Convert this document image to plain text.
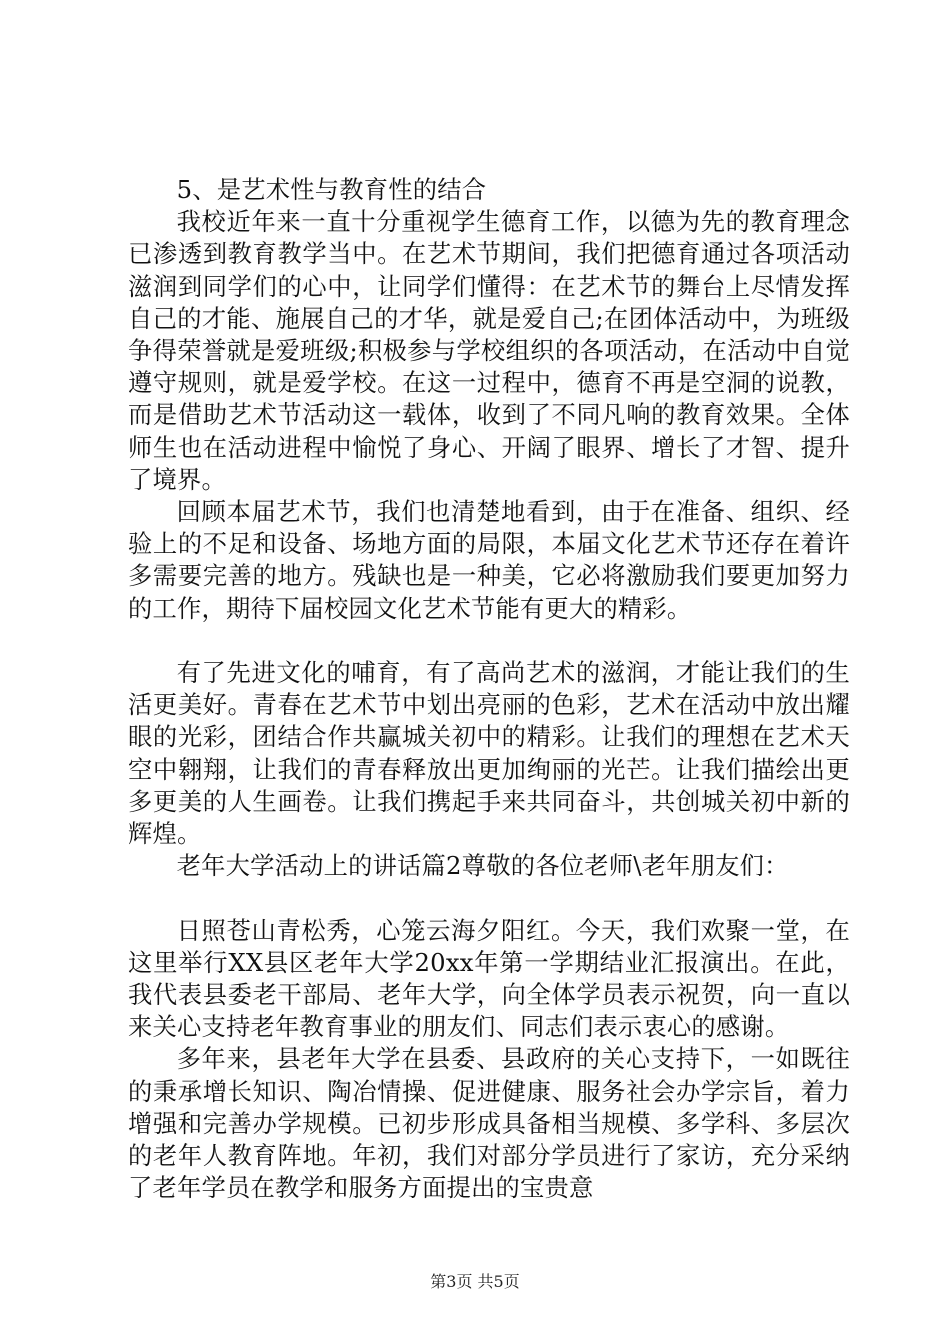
5、是艺术性与教育性的结合

我校近年来一直十分重视学生德育工作，以德为先的教育理念已渗透到教育教学当中。在艺术节期间，我们把德育通过各项活动滋润到同学们的心中，让同学们懂得：在艺术节的舞台上尽情发挥自己的才能、施展自己的才华，就是爱自己;在团体活动中，为班级争得荣誉就是爱班级;积极参与学校组织的各项活动，在活动中自觉遵守规则，就是爱学校。在这一过程中，德育不再是空洞的说教，而是借助艺术节活动这一载体，收到了不同凡响的教育效果。全体师生也在活动进程中愉悦了身心、开阔了眼界、增长了才智、提升了境界。

回顾本届艺术节，我们也清楚地看到，由于在准备、组织、经验上的不足和设备、场地方面的局限，本届文化艺术节还存在着许多需要完善的地方。残缺也是一种美，它必将激励我们要更加努力的工作，期待下届校园文化艺术节能有更大的精彩。

有了先进文化的哺育，有了高尚艺术的滋润，才能让我们的生活更美好。青春在艺术节中划出亮丽的色彩，艺术在活动中放出耀眼的光彩，团结合作共赢城关初中的精彩。让我们的理想在艺术天空中翱翔，让我们的青春释放出更加绚丽的光芒。让我们描绘出更多更美的人生画卷。让我们携起手来共同奋斗，共创城关初中新的辉煌。

老年大学活动上的讲话篇2尊敬的各位老师\老年朋友们：

日照苍山青松秀，心笼云海夕阳红。今天，我们欢聚一堂，在这里举行XX县区老年大学20xx年第一学期结业汇报演出。在此，我代表县委老干部局、老年大学，向全体学员表示祝贺，向一直以来关心支持老年教育事业的朋友们、同志们表示衷心的感谢。

多年来，县老年大学在县委、县政府的关心支持下，一如既往的秉承增长知识、陶冶情操、促进健康、服务社会办学宗旨，着力增强和完善办学规模。已初步形成具备相当规模、多学科、多层次的老年人教育阵地。年初，我们对部分学员进行了家访，充分采纳了老年学员在教学和服务方面提出的宝贵意

第3页 共5页
